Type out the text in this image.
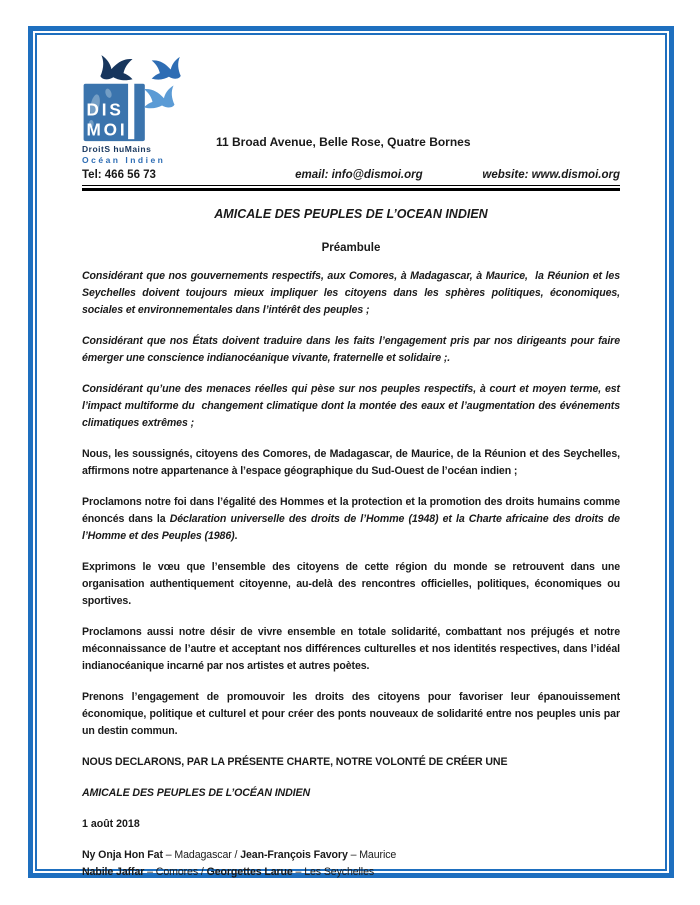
DIS
MOI
DroitS huMains
Océan Indien

11 Broad Avenue, Belle Rose, Quatre Bornes

Tel: 466 56 73	email: info@dismoi.org	website: www.dismoi.org
AMICALE DES PEUPLES DE L’OCEAN INDIEN
Préambule

Considérant que nos gouvernements respectifs, aux Comores, à Madagascar, à Maurice,  la Réunion et les Seychelles doivent toujours mieux impliquer les citoyens dans les sphères politiques, économiques, sociales et environnementales dans l’intérêt des peuples ;

Considérant que nos États doivent traduire dans les faits l’engagement pris par nos dirigeants pour faire émerger une conscience indianocéanique vivante, fraternelle et solidaire ;.

Considérant qu’une des menaces réelles qui pèse sur nos peuples respectifs, à court et moyen terme, est l’impact multiforme du  changement climatique dont la montée des eaux et l’augmentation des événements climatiques extrêmes ;

Nous, les soussignés, citoyens des Comores, de Madagascar, de Maurice, de la Réunion et des Seychelles, affirmons notre appartenance à l’espace géographique du Sud-Ouest de l’océan indien ;

Proclamons notre foi dans l’égalité des Hommes et la protection et la promotion des droits humains comme énoncés dans la Déclaration universelle des droits de l’Homme (1948) et la Charte africaine des droits de l’Homme et des Peuples (1986).

Exprimons le vœu que l’ensemble des citoyens de cette région du monde se retrouvent dans une organisation authentiquement citoyenne, au-delà des rencontres officielles, politiques, économiques ou sportives.

Proclamons aussi notre désir de vivre ensemble en totale solidarité, combattant nos préjugés et notre méconnaissance de l’autre et acceptant nos différences culturelles et nos identités respectives, dans l’idéal indianocéanique incarné par nos artistes et autres poètes.

Prenons l’engagement de promouvoir les droits des citoyens pour favoriser leur épanouissement économique, politique et culturel et pour créer des ponts nouveaux de solidarité entre nos peuples unis par un destin commun.

NOUS DECLARONS, PAR LA PRÉSENTE CHARTE, NOTRE VOLONTÉ DE CRÉER UNE

AMICALE DES PEUPLES DE L’OCÉAN INDIEN

1 août 2018

Ny Onja Hon Fat – Madagascar / Jean-François Favory – Maurice
Nabile Jaffar – Comores / Georgettes Larue – Les Seychelles
